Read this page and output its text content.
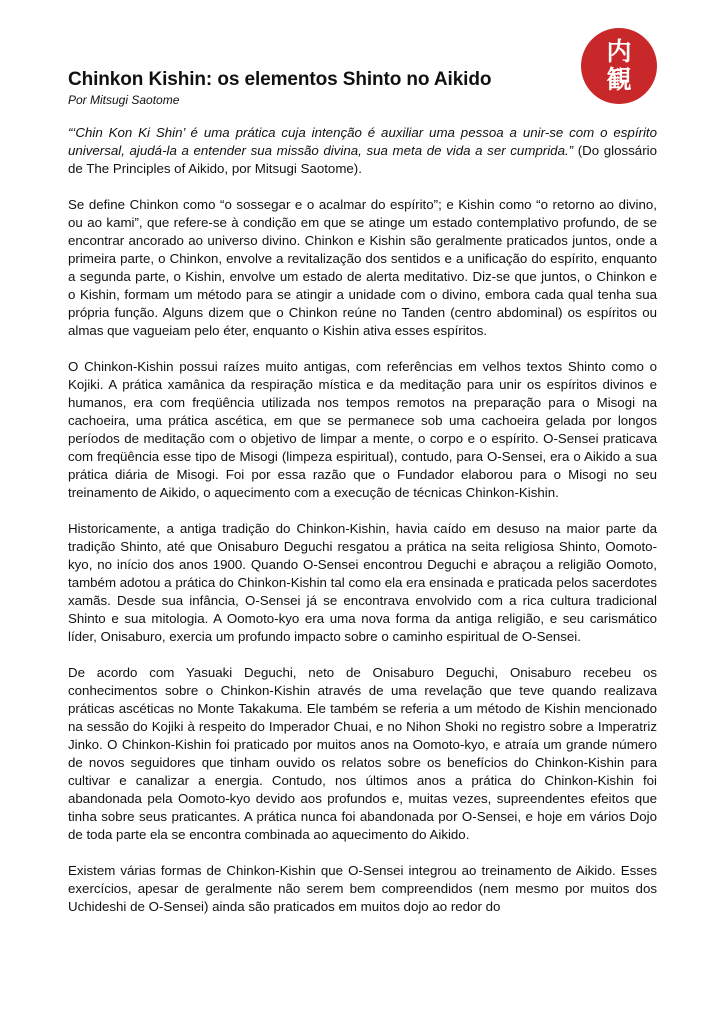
内
観
Chinkon Kishin: os elementos Shinto no Aikido

Por Mitsugi Saotome

“‘Chin Kon Ki Shin’ é uma prática cuja intenção é auxiliar uma pessoa a unir-se com o espírito universal, ajudá-la a entender sua missão divina, sua meta de vida a ser cumprida.” (Do glossário de The Principles of Aikido, por Mitsugi Saotome).

Se define Chinkon como “o sossegar e o acalmar do espírito”; e Kishin como “o retorno ao divino, ou ao kami”, que refere-se à condição em que se atinge um estado contemplativo profundo, de se encontrar ancorado ao universo divino. Chinkon e Kishin são geralmente praticados juntos, onde a primeira parte, o Chinkon, envolve a revitalização dos sentidos e a unificação do espírito, enquanto a segunda parte, o Kishin, envolve um estado de alerta meditativo. Diz-se que juntos, o Chinkon e o Kishin, formam um método para se atingir a unidade com o divino, embora cada qual tenha sua própria função. Alguns dizem que o Chinkon reúne no Tanden (centro abdominal) os espíritos ou almas que vagueiam pelo éter, enquanto o Kishin ativa esses espíritos.

O Chinkon-Kishin possui raízes muito antigas, com referências em velhos textos Shinto como o Kojiki. A prática xamânica da respiração mística e da meditação para unir os espíritos divinos e humanos, era com freqüência utilizada nos tempos remotos na preparação para o Misogi na cachoeira, uma prática ascética, em que se permanece sob uma cachoeira gelada por longos períodos de meditação com o objetivo de limpar a mente, o corpo e o espírito. O-Sensei praticava com freqüência esse tipo de Misogi (limpeza espiritual), contudo, para O-Sensei, era o Aikido a sua prática diária de Misogi. Foi por essa razão que o Fundador elaborou para o Misogi no seu treinamento de Aikido, o aquecimento com a execução de técnicas Chinkon-Kishin.

Historicamente, a antiga tradição do Chinkon-Kishin, havia caído em desuso na maior parte da tradição Shinto, até que Onisaburo Deguchi resgatou a prática na seita religiosa Shinto, Oomoto-kyo, no início dos anos 1900. Quando O-Sensei encontrou Deguchi e abraçou a religião Oomoto, também adotou a prática do Chinkon-Kishin tal como ela era ensinada e praticada pelos sacerdotes xamãs. Desde sua infância, O-Sensei já se encontrava envolvido com a rica cultura tradicional Shinto e sua mitologia. A Oomoto-kyo era uma nova forma da antiga religião, e seu carismático líder, Onisaburo, exercia um profundo impacto sobre o caminho espiritual de O-Sensei.

De acordo com Yasuaki Deguchi, neto de Onisaburo Deguchi, Onisaburo recebeu os conhecimentos sobre o Chinkon-Kishin através de uma revelação que teve quando realizava práticas ascéticas no Monte Takakuma. Ele também se referia a um método de Kishin mencionado na sessão do Kojiki à respeito do Imperador Chuai, e no Nihon Shoki no registro sobre a Imperatriz Jinko. O Chinkon-Kishin foi praticado por muitos anos na Oomoto-kyo, e atraía um grande número de novos seguidores que tinham ouvido os relatos sobre os benefícios do Chinkon-Kishin para cultivar e canalizar a energia. Contudo, nos últimos anos a prática do Chinkon-Kishin foi abandonada pela Oomoto-kyo devido aos profundos e, muitas vezes, supreendentes efeitos que tinha sobre seus praticantes. A prática nunca foi abandonada por O-Sensei, e hoje em vários Dojo de toda parte ela se encontra combinada ao aquecimento do Aikido.

Existem várias formas de Chinkon-Kishin que O-Sensei integrou ao treinamento de Aikido. Esses exercícios, apesar de geralmente não serem bem compreendidos (nem mesmo por muitos dos Uchideshi de O-Sensei) ainda são praticados em muitos dojo ao redor do
